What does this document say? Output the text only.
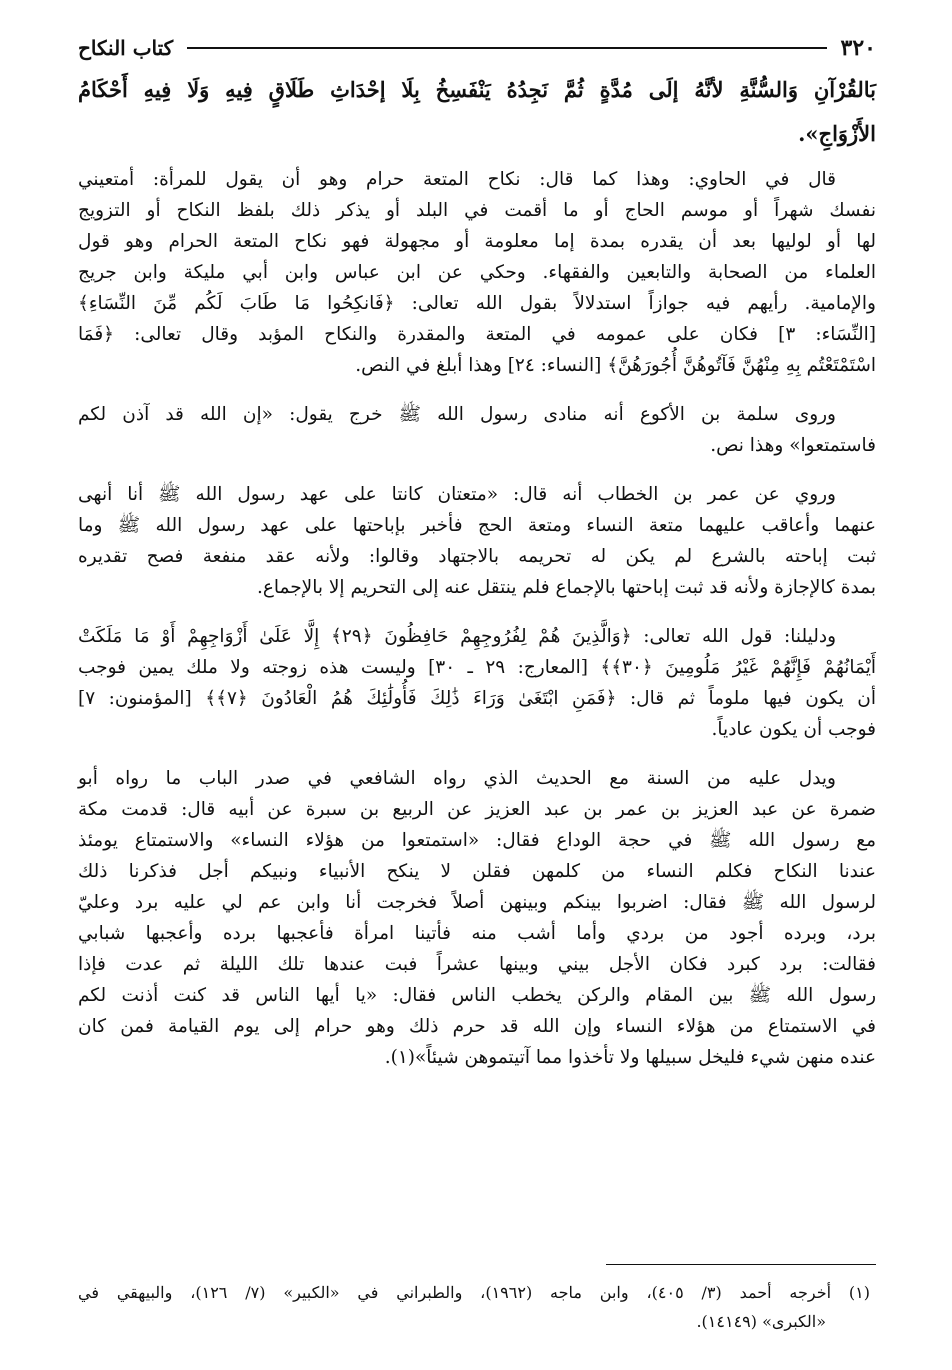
٣٢٠
كتاب النكاح
بَالقُرْآنِ وَالسُّنَّةِ لأنَّهُ إلَى مُدَّةٍ ثُمَّ نَجِدُهُ يَنْفَسِخُ بِلَا إحْدَاثِ طَلَاقٍ فِيهِ وَلَا فِيهِ أَحْكَامُ
الأَزْوَاجِ».
قال في الحاوي: وهذا كما قال: نكاح المتعة حرام وهو أن يقول للمرأة: أمتعيني
نفسك شهراً أو موسم الحاج أو ما أقمت في البلد أو يذكر ذلك بلفظ النكاح أو التزويج
لها أو لوليها بعد أن يقدره بمدة إما معلومة أو مجهولة فهو نكاح المتعة الحرام وهو قول
العلماء من الصحابة والتابعين والفقهاء. وحكي عن ابن عباس وابن أبي مليكة وابن جريج
والإمامية. رأيهم فيه جوازاً استدلالاً بقول الله تعالى: ﴿فَانكِحُوا مَا طَابَ لَكُم مِّنَ النِّسَاءِ﴾
[النِّسَاء: ٣] فكان على عمومه في المتعة والمقدرة والنكاح المؤبد وقال تعالى: ﴿فَمَا
اسْتَمْتَعْتُم بِهِ مِنْهُنَّ فَآتُوهُنَّ أُجُورَهُنَّ﴾ [النساء: ٢٤] وهذا أبلغ في النص.
وروى سلمة بن الأكوع أنه منادى رسول الله ﷺ خرج يقول: «إن الله قد آذن لكم
فاستمتعوا» وهذا نص.
وروي عن عمر بن الخطاب أنه قال: «متعتان كانتا على عهد رسول الله ﷺ أنا أنهى
عنهما وأعاقب عليهما متعة النساء ومتعة الحج فأخبر بإباحتها على عهد رسول الله ﷺ وما
ثبت إباحته بالشرع لم يكن له تحريمه بالاجتهاد وقالوا: ولأنه عقد منفعة فصح تقديره
بمدة كالإجازة ولأنه قد ثبت إباحتها بالإجماع فلم ينتقل عنه إلى التحريم إلا بالإجماع.
ودليلنا: قول الله تعالى: ﴿وَالَّذِينَ هُمْ لِفُرُوجِهِمْ حَافِظُونَ ﴿٢٩﴾ إِلَّا عَلَىٰ أَزْوَاجِهِمْ أَوْ مَا مَلَكَتْ
أَيْمَانُهُمْ فَإِنَّهُمْ غَيْرُ مَلُومِينَ ﴿٣٠﴾﴾ [المعارج: ٢٩ ـ ٣٠] وليست هذه زوجته ولا ملك يمين فوجب
أن يكون فيها ملوماً ثم قال: ﴿فَمَنِ ابْتَغَىٰ وَرَاءَ ذَٰلِكَ فَأُولَٰئِكَ هُمُ الْعَادُونَ ﴿٧﴾﴾ [المؤمنون: ٧]
فوجب أن يكون عادياً.
ويدل عليه من السنة مع الحديث الذي رواه الشافعي في صدر الباب ما رواه أبو
ضمرة عن عبد العزيز بن عمر بن عبد العزيز عن الربيع بن سبرة عن أبيه قال: قدمت مكة
مع رسول الله ﷺ في حجة الوداع فقال: «استمتعوا من هؤلاء النساء» والاستمتاع يومئذ
عندنا النكاح فكلم النساء من كلمهن فقلن لا ينكح الأنبياء ونبيكم أجل فذكرنا ذلك
لرسول الله ﷺ فقال: اضربوا بينكم وبينهن أصلاً فخرجت أنا وابن عم لي عليه برد وعليّ
برد، وبرده أجود من بردي وأما أشب منه فأتينا امرأة فأعجبها برده وأعجبها شبابي
فقالت: برد كبرد فكان الأجل بيني وبينها عشراً فبت عندها تلك الليلة ثم عدت فإذا
رسول الله ﷺ بين المقام والركن يخطب الناس فقال: «يا أيها الناس قد كنت أذنت لكم
في الاستمتاع من هؤلاء النساء وإن الله قد حرم ذلك وهو حرام إلى يوم القيامة فمن كان
عنده منهن شيء فليخل سبيلها ولا تأخذوا مما آتيتموهن شيئاً»(١).
(١) أخرجه أحمد (٣/ ٤٠٥)، وابن ماجه (١٩٦٢)، والطبراني في «الكبير» (٧/ ١٢٦)، والبيهقي في
«الكبرى» (١٤١٤٩).
